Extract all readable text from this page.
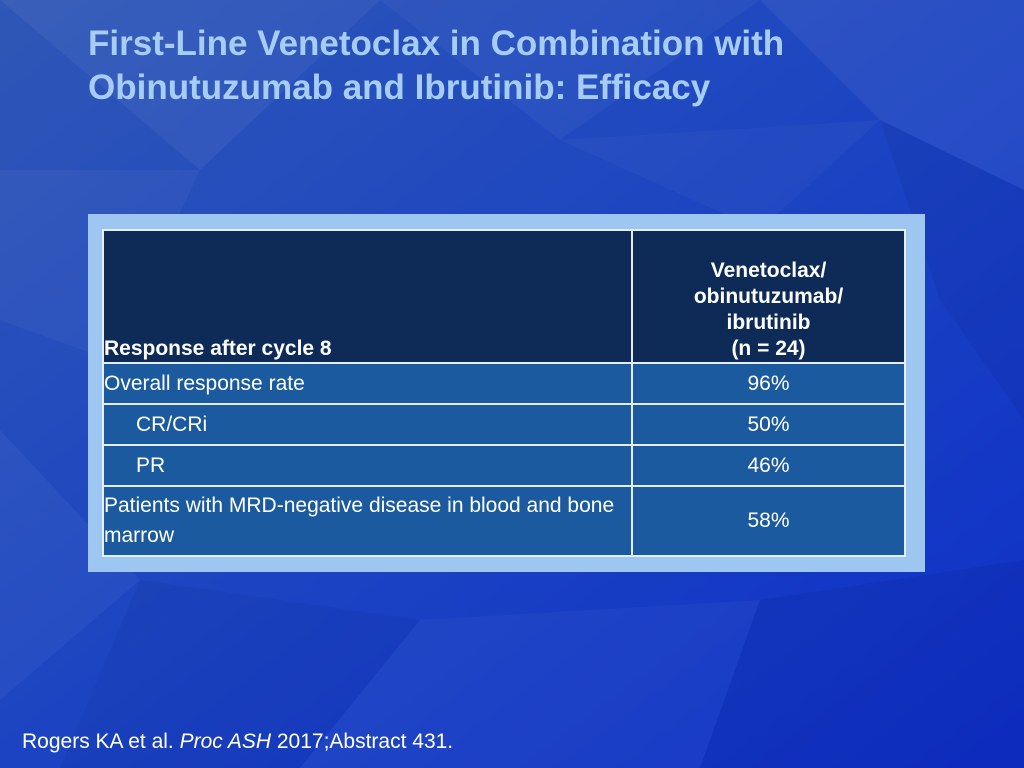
First-Line Venetoclax in Combination with
Obinutuzumab and Ibrutinib: Efficacy
Response after cycle 8	Venetoclax/
obinutuzumab/
ibrutinib
(n = 24)

Overall response rate	96%
CR/CRi	50%
PR	46%
Patients with MRD-negative disease in blood and bone marrow	58%
Rogers KA et al. Proc ASH 2017;Abstract 431.
